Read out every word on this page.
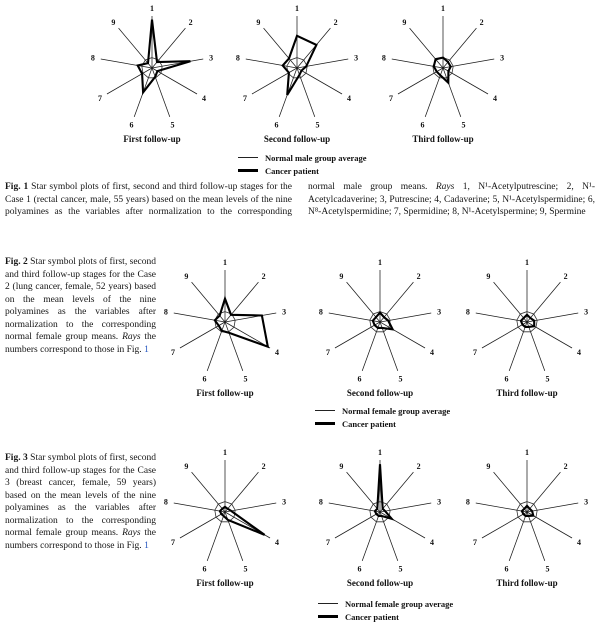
1
2
3
4
5
6
7
8
9
First follow-up
1
2
3
4
5
6
7
8
9
Second follow-up
1
2
3
4
5
6
7
8
9
Third follow-up
Normal male group average
Cancer patient
Fig. 1 Star symbol plots of first, second and third follow-up stages for the Case 1 (rectal cancer, male, 55 years) based on the mean levels of the nine polyamines as the variables after normalization to the corresponding normal male group means. Rays 1, N¹-Acetylputrescine; 2, N¹-Acetylcadaverine; 3, Putrescine; 4, Cadaverine; 5, N¹-Acetylspermidine; 6, N⁸-Acetylspermidine; 7, Spermidine; 8, N¹-Acetylspermine; 9, Spermine
Fig. 2 Star symbol plots of first, second and third follow-up stages for the Case 2 (lung cancer, female, 52 years) based on the mean levels of the nine polyamines as the variables after normalization to the corresponding normal female group means. Rays the numbers correspond to those in Fig. 1
1
2
3
4
5
6
7
8
9
First follow-up
1
2
3
4
5
6
7
8
9
Second follow-up
1
2
3
4
5
6
7
8
9
Third follow-up
Normal female group average
Cancer patient
Fig. 3 Star symbol plots of first, second and third follow-up stages for the Case 3 (breast cancer, female, 59 years) based on the mean levels of the nine polyamines as the variables after normalization to the corresponding normal female group means. Rays the numbers correspond to those in Fig. 1
1
2
3
4
5
6
7
8
9
First follow-up
1
2
3
4
5
6
7
8
9
Second follow-up
1
2
3
4
5
6
7
8
9
Third follow-up
Normal female group average
Cancer patient
